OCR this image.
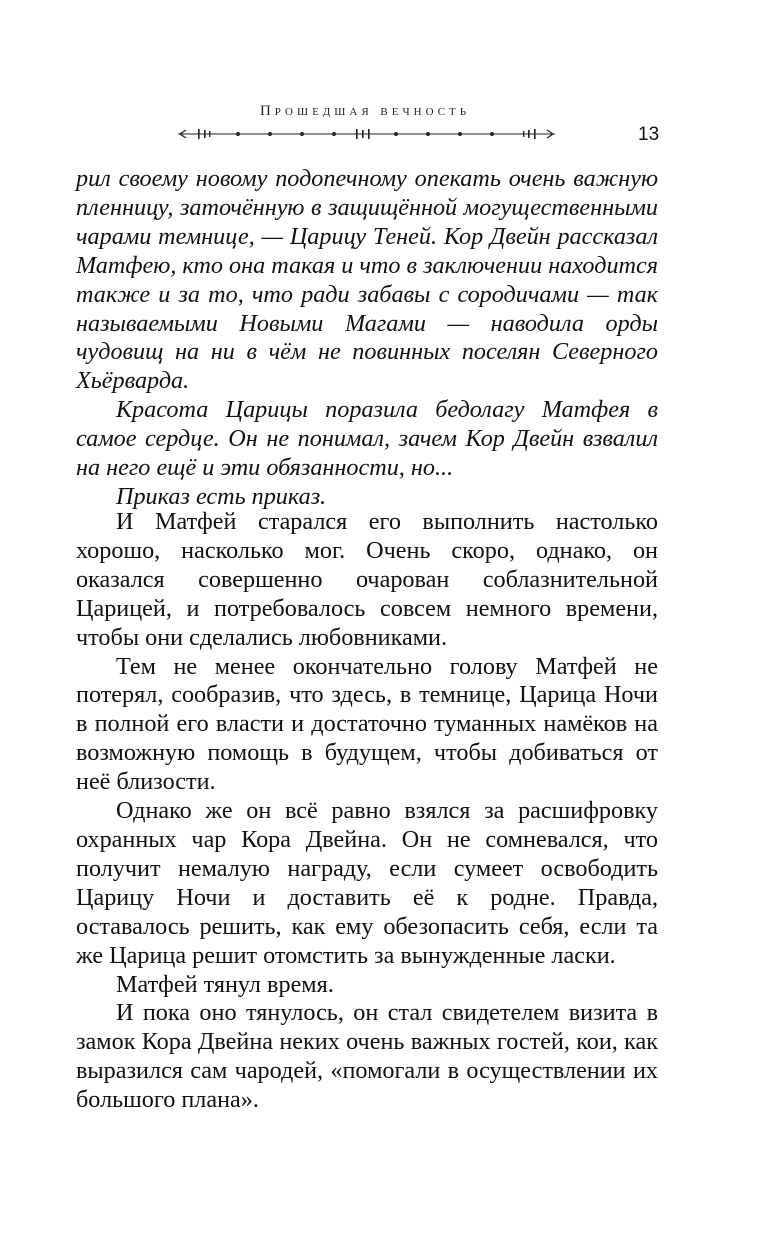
Прошедшая вечность
13

рил своему новому подопечному опекать очень важную пленницу, заточённую в защищённой могущественными чарами темнице, — Царицу Теней. Кор Двейн рассказал Матфею, кто она такая и что в заключении находится также и за то, что ради забавы с сородичами — так называемыми Новыми Магами — наводила орды чудовищ на ни в чём не повинных поселян Северного Хьёрварда.

Красота Царицы поразила бедолагу Матфея в самое сердце. Он не понимал, зачем Кор Двейн взвалил на него ещё и эти обязанности, но...

Приказ есть приказ.

И Матфей старался его выполнить настолько хорошо, насколько мог. Очень скоро, однако, он оказался совершенно очарован соблазнительной Царицей, и потребовалось совсем немного времени, чтобы они сделались любовниками.

Тем не менее окончательно голову Матфей не потерял, сообразив, что здесь, в темнице, Царица Ночи в полной его власти и достаточно туманных намёков на возможную помощь в будущем, чтобы добиваться от неё близости.

Однако же он всё равно взялся за расшифровку охранных чар Кора Двейна. Он не сомневался, что получит немалую награду, если сумеет освободить Царицу Ночи и доставить её к родне. Правда, оставалось решить, как ему обезопасить себя, если та же Царица решит отомстить за вынужденные ласки.

Матфей тянул время.

И пока оно тянулось, он стал свидетелем визита в замок Кора Двейна неких очень важных гостей, кои, как выразился сам чародей, «помогали в осуществлении их большого плана».
